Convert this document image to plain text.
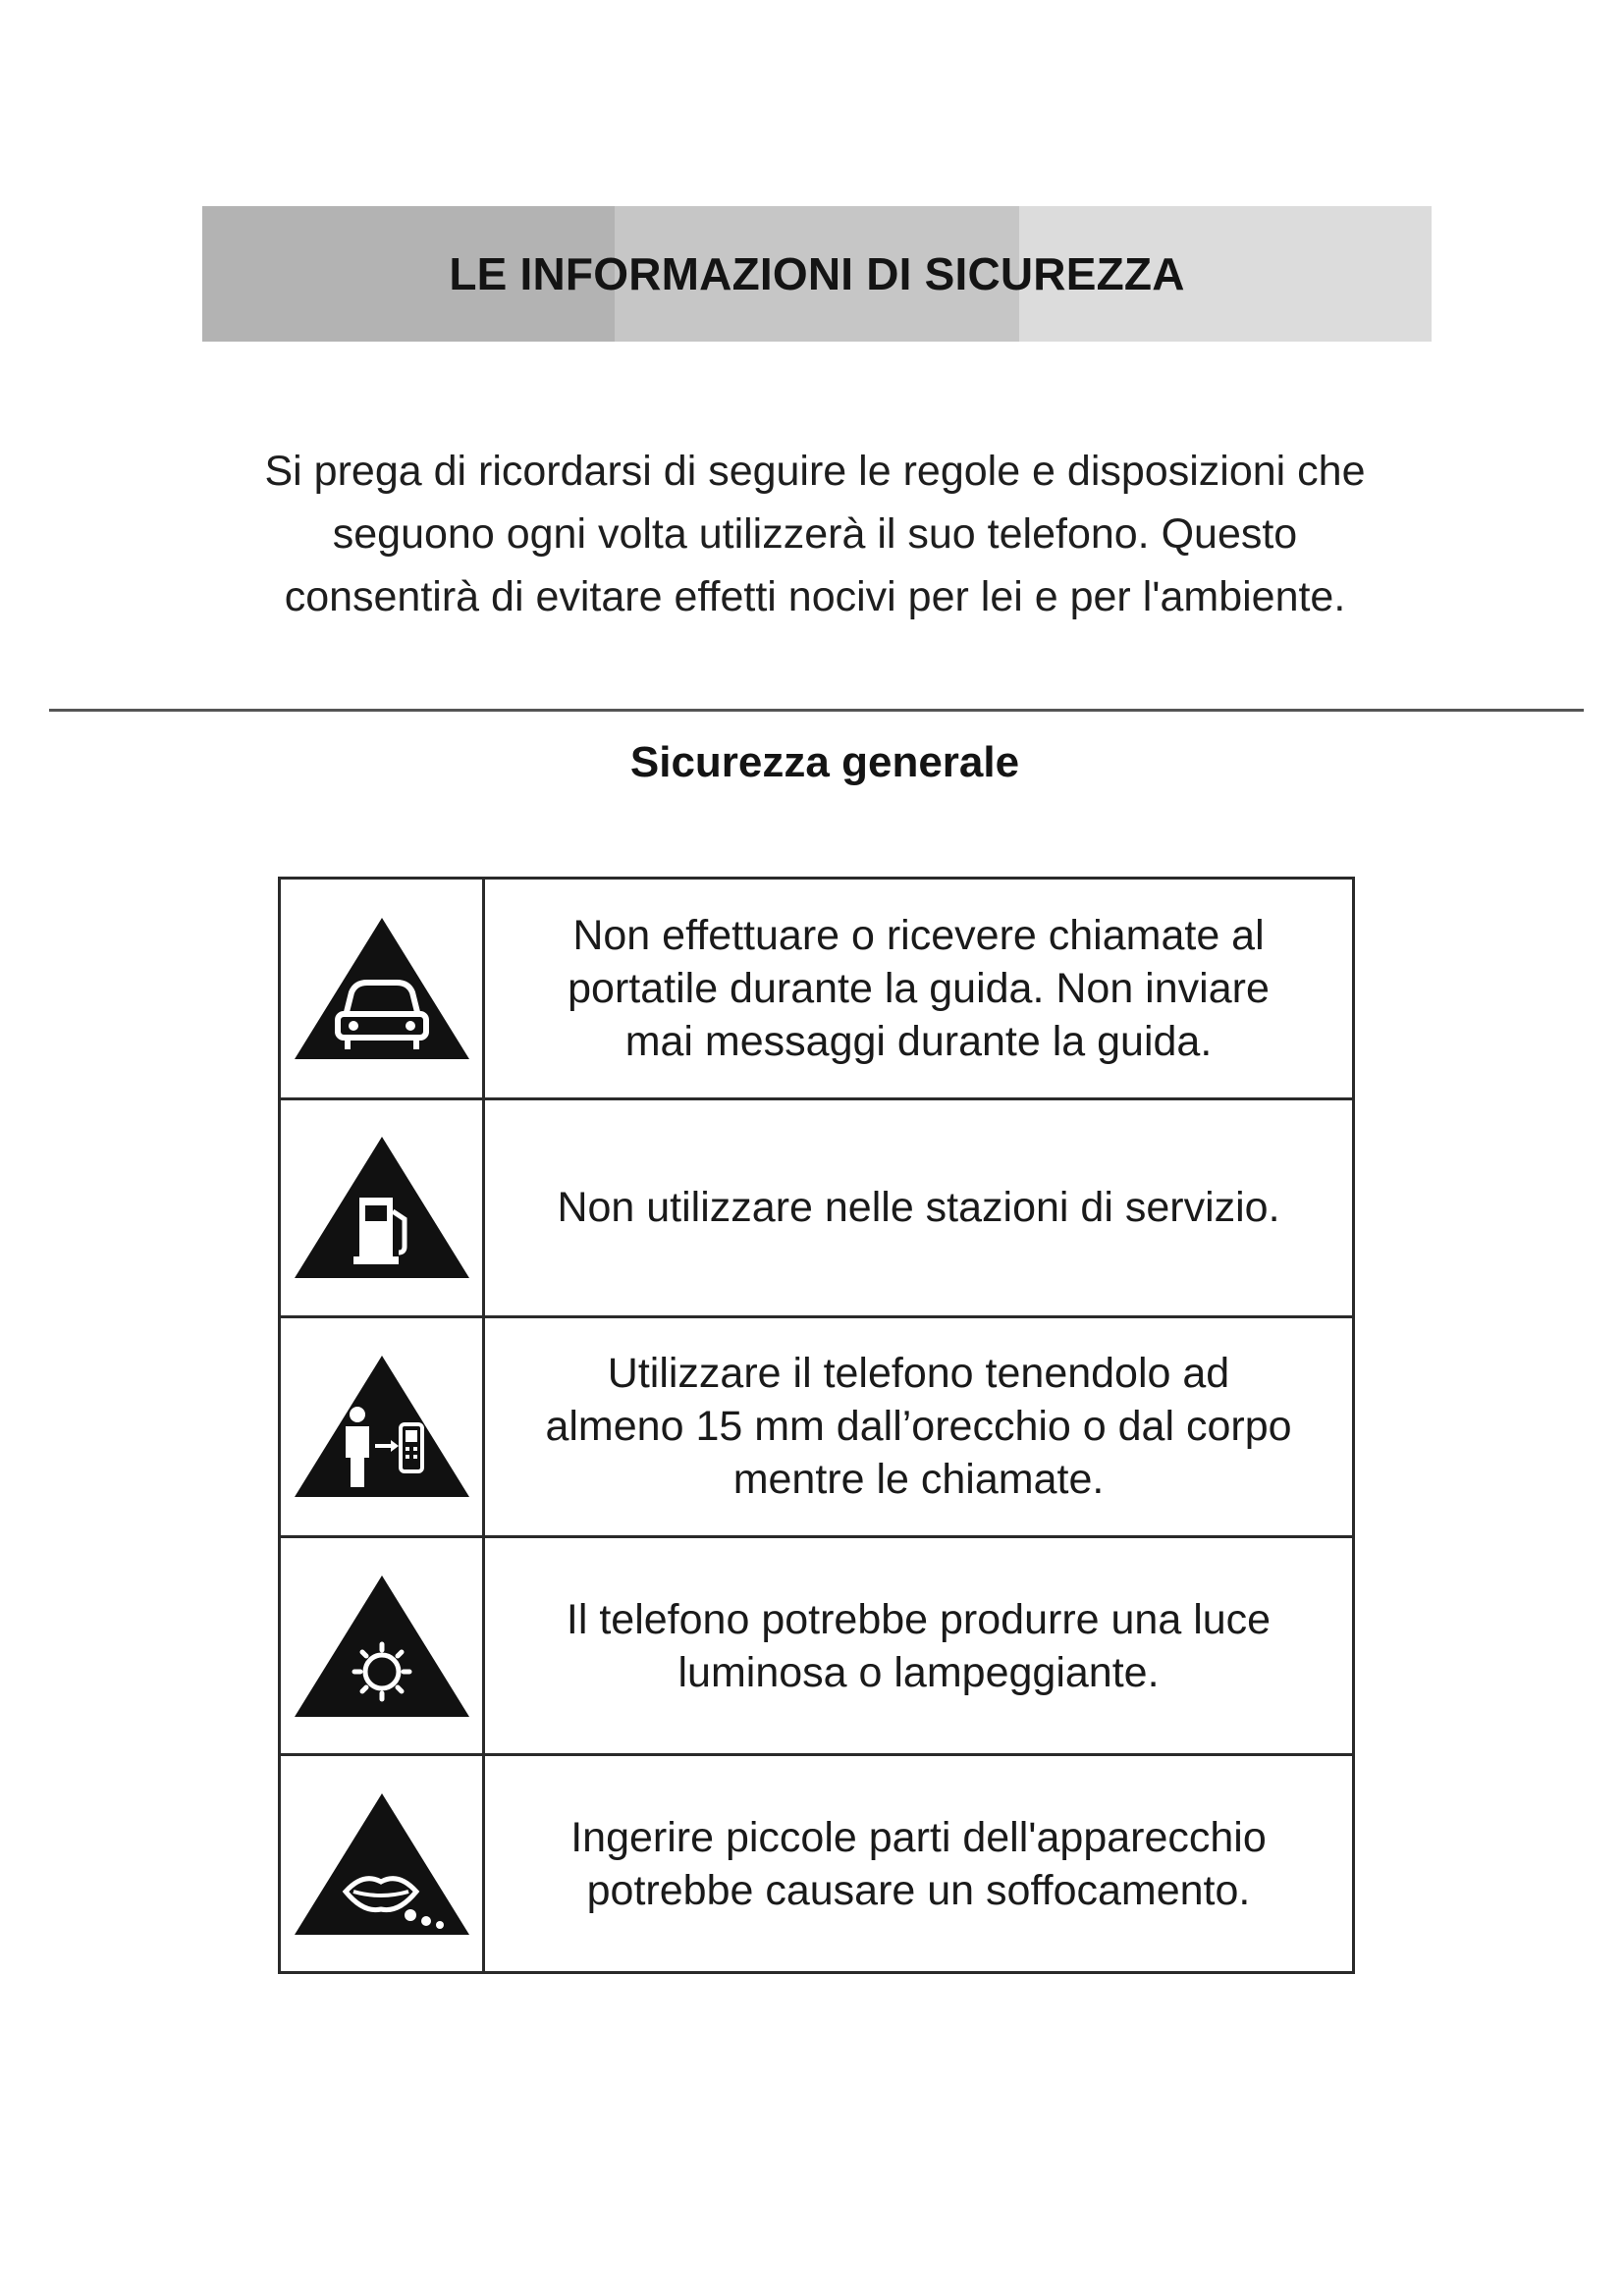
LE INFORMAZIONI DI SICUREZZA
Si prega di ricordarsi di seguire le regole e disposizioni che
seguono ogni volta utilizzerà il suo telefono. Questo
consentirà di evitare effetti nocivi per lei e per l'ambiente.
Sicurezza generale

Non effettuare o ricevere chiamate al
portatile durante la guida. Non inviare
mai messaggi durante la guida.

Non utilizzare nelle stazioni di servizio.

Utilizzare il telefono tenendolo ad
almeno 15 mm dall’orecchio o dal corpo
mentre le chiamate.

Il telefono potrebbe produrre una luce
luminosa o lampeggiante.

Ingerire piccole parti dell'apparecchio
potrebbe causare un soffocamento.
